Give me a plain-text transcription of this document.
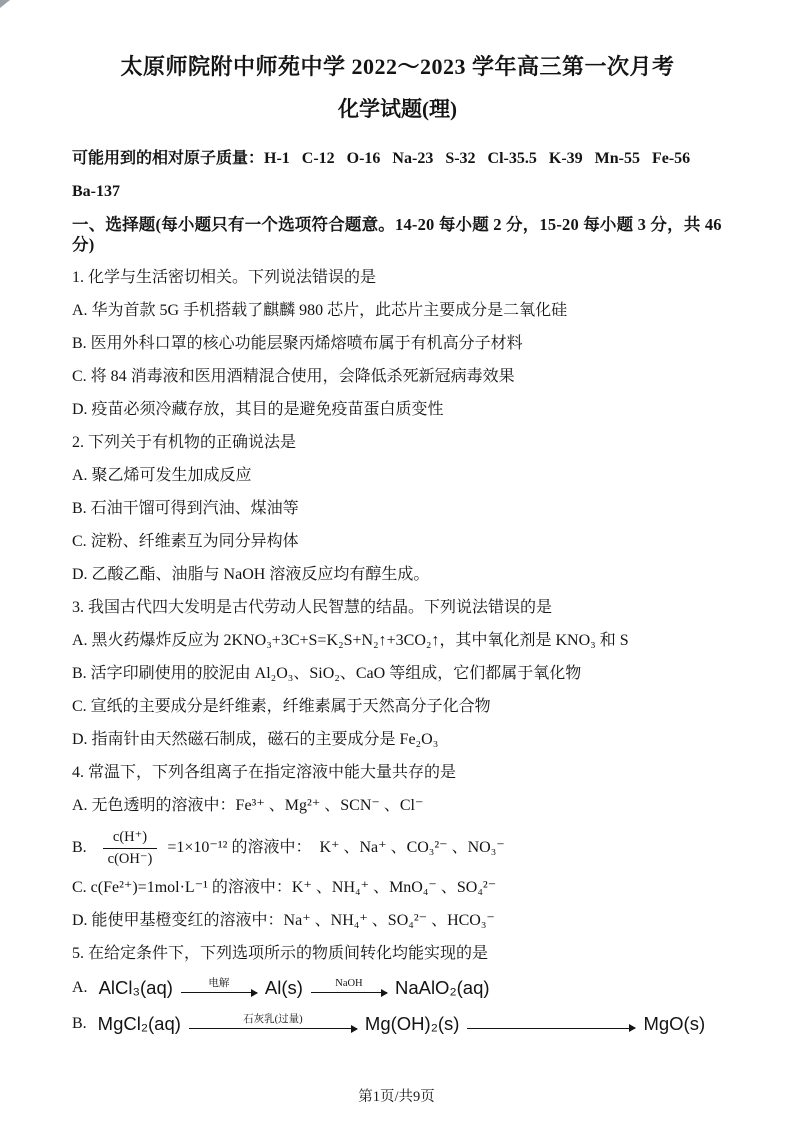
太原师院附中师苑中学 2022～2023 学年高三第一次月考
化学试题(理)

可能用到的相对原子质量：H-1   C-12   O-16   Na-23   S-32   Cl-35.5   K-39   Mn-55   Fe-56

Ba-137

一、选择题(每小题只有一个选项符合题意。14-20 每小题 2 分，15-20 每小题 3 分，共 46 分)

1. 化学与生活密切相关。下列说法错误的是

A. 华为首款 5G 手机搭载了麒麟 980 芯片，此芯片主要成分是二氧化硅

B. 医用外科口罩的核心功能层聚丙烯熔喷布属于有机高分子材料

C. 将 84 消毒液和医用酒精混合使用，会降低杀死新冠病毒效果

D. 疫苗必须冷藏存放，其目的是避免疫苗蛋白质变性

2. 下列关于有机物的正确说法是

A. 聚乙烯可发生加成反应

B. 石油干馏可得到汽油、煤油等

C. 淀粉、纤维素互为同分异构体

D. 乙酸乙酯、油脂与 NaOH 溶液反应均有醇生成。

3. 我国古代四大发明是古代劳动人民智慧的结晶。下列说法错误的是

A. 黑火药爆炸反应为 2KNO₃+3C+S=K₂S+N₂↑+3CO₂↑，其中氧化剂是 KNO₃ 和 S

B. 活字印刷使用的胶泥由 Al₂O₃、SiO₂、CaO 等组成，它们都属于氧化物

C. 宣纸的主要成分是纤维素，纤维素属于天然高分子化合物

D. 指南针由天然磁石制成，磁石的主要成分是 Fe₂O₃

4. 常温下，下列各组离子在指定溶液中能大量共存的是

A. 无色透明的溶液中：Fe³⁺ 、Mg²⁺ 、SCN⁻ 、Cl⁻

B. $\frac{c(H^+)}{c(OH^-)} =1\times 10^{-12}$ 的溶液中：  K⁺ 、Na⁺ 、CO₃²⁻ 、NO₃⁻

C. c(Fe²⁺)=1mol·L⁻¹ 的溶液中：K⁺ 、NH₄⁺ 、MnO₄⁻ 、SO₄²⁻

D. 能使甲基橙变红的溶液中：Na⁺ 、NH₄⁺ 、SO₄²⁻ 、HCO₃⁻

5. 在给定条件下，下列选项所示的物质间转化均能实现的是

A. AlCl₃(aq)	电解 Al(s)	NaOH NaAlO₂(aq)
B. MgCl₂(aq)	石灰乳(过量)	Mg(OH)₂(s)	MgO(s)
第1页/共9页
